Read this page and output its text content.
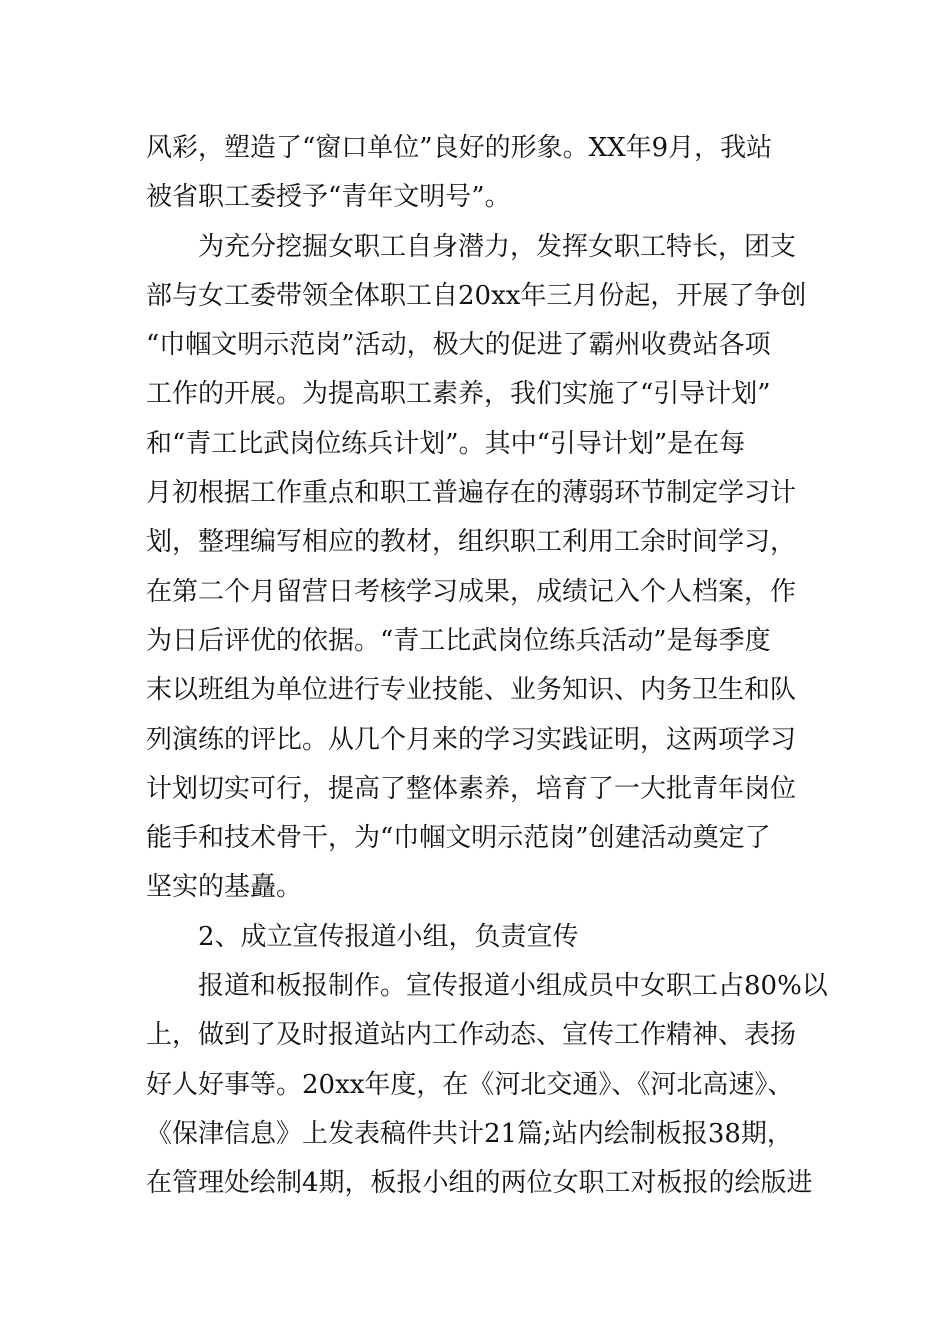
风彩，塑造了“窗口单位”良好的形象。XX年9月，我站
被省职工委授予“青年文明号”。
为充分挖掘女职工自身潜力，发挥女职工特长，团支
部与女工委带领全体职工自20xx年三月份起，开展了争创
“巾帼文明示范岗”活动，极大的促进了霸州收费站各项
工作的开展。为提高职工素养，我们实施了“引导计划”
和“青工比武岗位练兵计划”。其中“引导计划”是在每
月初根据工作重点和职工普遍存在的薄弱环节制定学习计
划，整理编写相应的教材，组织职工利用工余时间学习，
在第二个月留营日考核学习成果，成绩记入个人档案，作
为日后评优的依据。“青工比武岗位练兵活动”是每季度
末以班组为单位进行专业技能、业务知识、内务卫生和队
列演练的评比。从几个月来的学习实践证明，这两项学习
计划切实可行，提高了整体素养，培育了一大批青年岗位
能手和技术骨干，为“巾帼文明示范岗”创建活动奠定了
坚实的基矗。
2、成立宣传报道小组，负责宣传
报道和板报制作。宣传报道小组成员中女职工占80%以
上，做到了及时报道站内工作动态、宣传工作精神、表扬
好人好事等。20xx年度，在《河北交通》、《河北高速》、
《保津信息》上发表稿件共计21篇;站内绘制板报38期，
在管理处绘制4期，板报小组的两位女职工对板报的绘版进
